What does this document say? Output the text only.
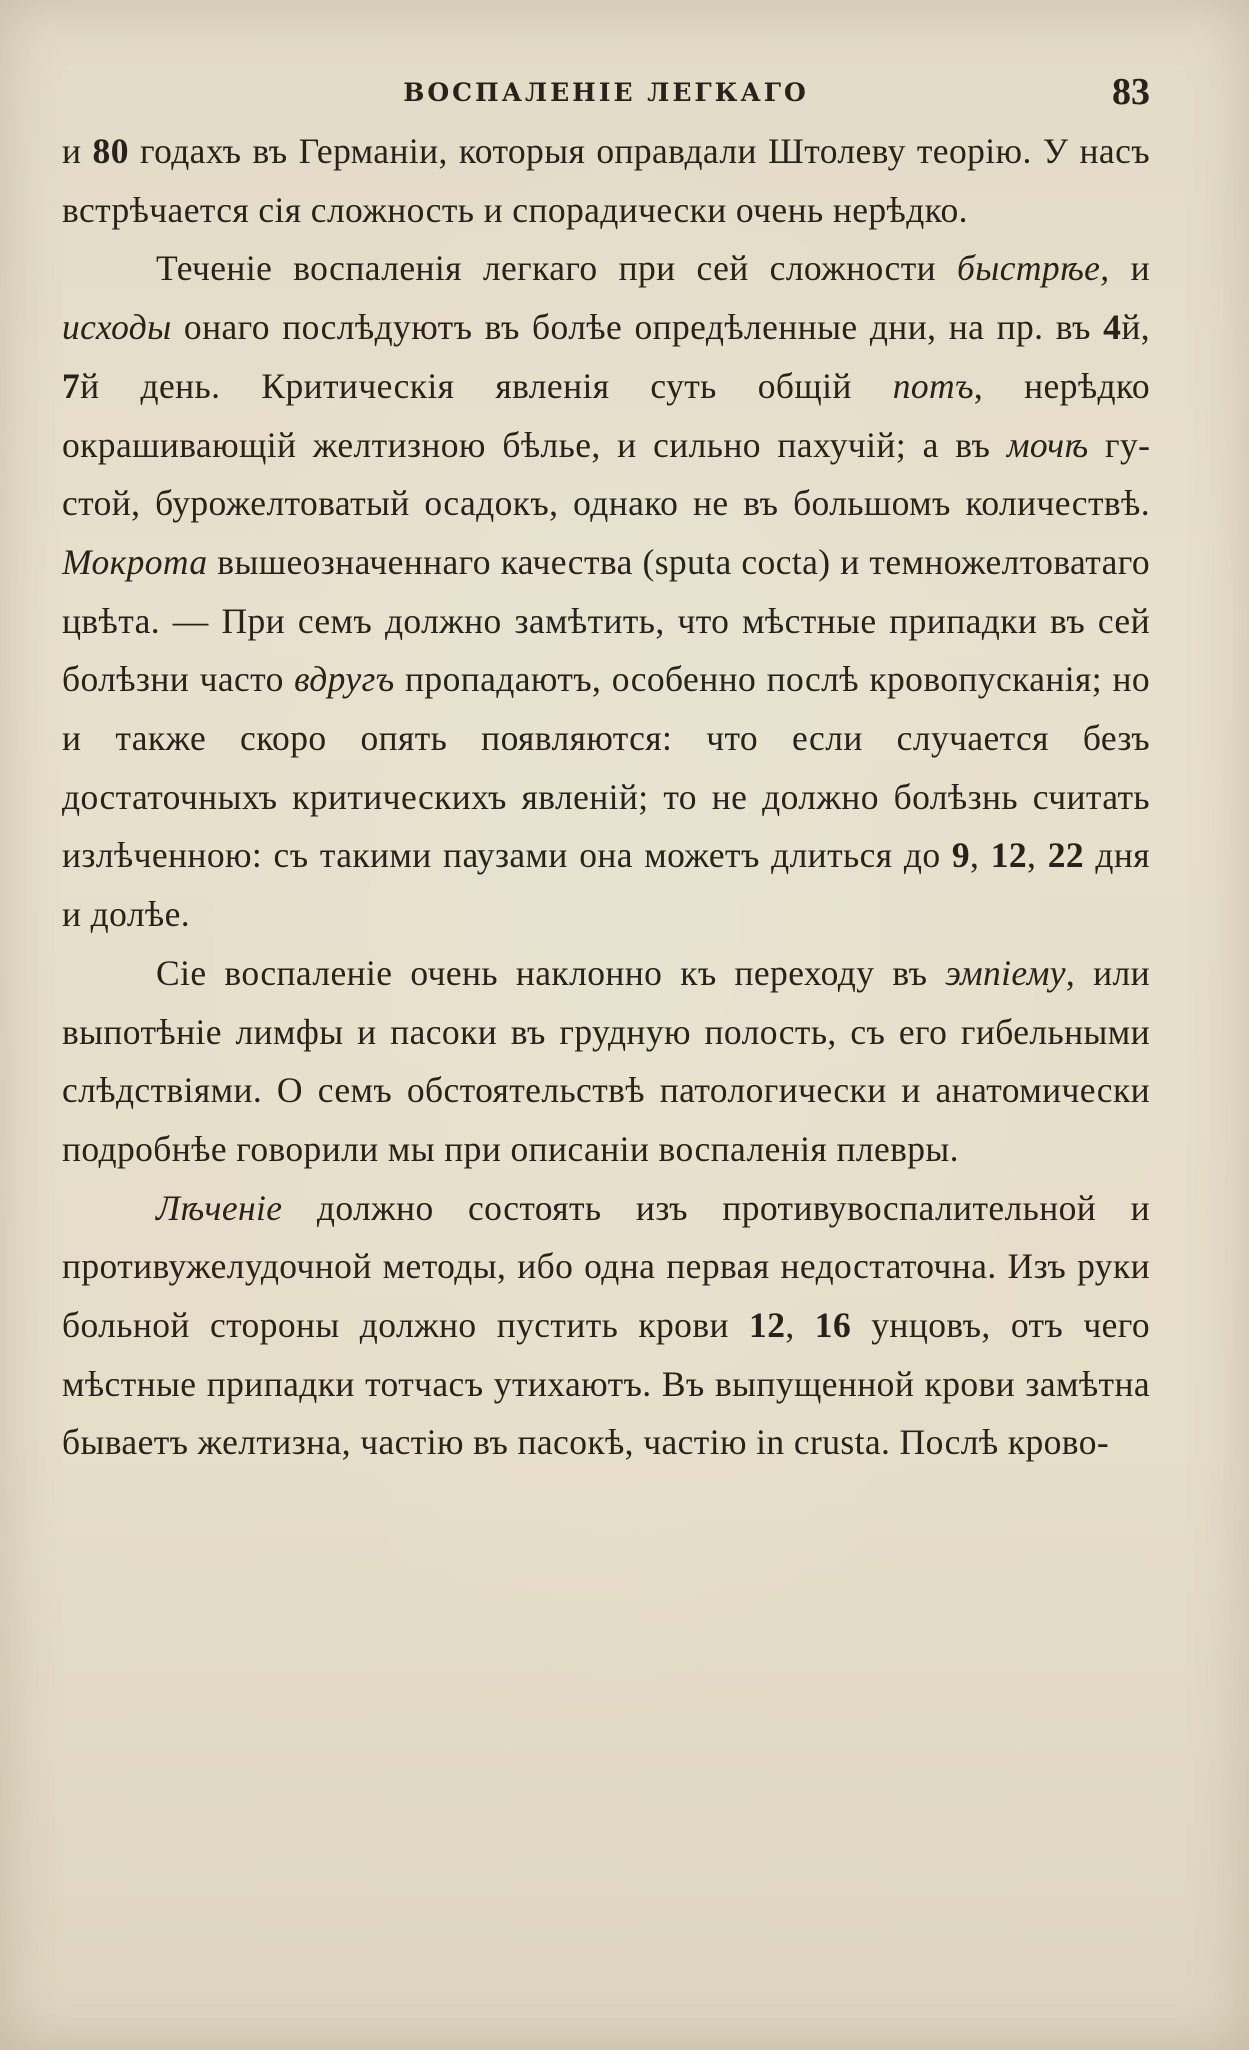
ВОСПАЛЕНІЕ ЛЕГКАГО	83

и 80 годахъ въ Германіи, которыя оправдали Штолеву теорію. У насъ встрѣчается сія сложность и спорадически очень нерѣдко.

Теченіе воспаленія легкаго при сей сложности быстрѣе, и исходы онаго послѣдуютъ въ болѣе опредѣленные дни, на пр. въ 4й, 7й день. Критическія явленія суть общій потъ, нерѣдко окрашивающій желтизною бѣлье, и сильно пахучій; а въ мочѣ густой, бурожелтоватый осадокъ, однако не въ большомъ количествѣ. Мокрота вышеозначеннаго качества (sputa cocta) и темножелтоватаго цвѣта. — При семъ должно замѣтить, что мѣстные припадки въ сей болѣзни часто вдругъ пропадаютъ, особенно послѣ кровопусканія; но и также скоро опять появляются: что если случается безъ достаточныхъ критическихъ явленій; то не должно болѣзнь считать излѣченною: съ такими паузами она можетъ длиться до 9, 12, 22 дня и долѣе.

Сіе воспаленіе очень наклонно къ переходу въ эмпіему, или выпотѣніе лимфы и пасоки въ грудную полость, съ его гибельными слѣдствіями. О семъ обстоятельствѣ патологически и анатомически подробнѣе говорили мы при описаніи воспаленія плевры.

Лѣченіе должно состоять изъ противувоспалительной и противужелудочной методы, ибо одна первая недостаточна. Изъ руки больной стороны должно пустить крови 12, 16 унцовъ, отъ чего мѣстные припадки тотчасъ утихаютъ. Въ выпущенной крови замѣтна бываетъ желтизна, частію въ пасокѣ, частію in crusta. Послѣ крово-
